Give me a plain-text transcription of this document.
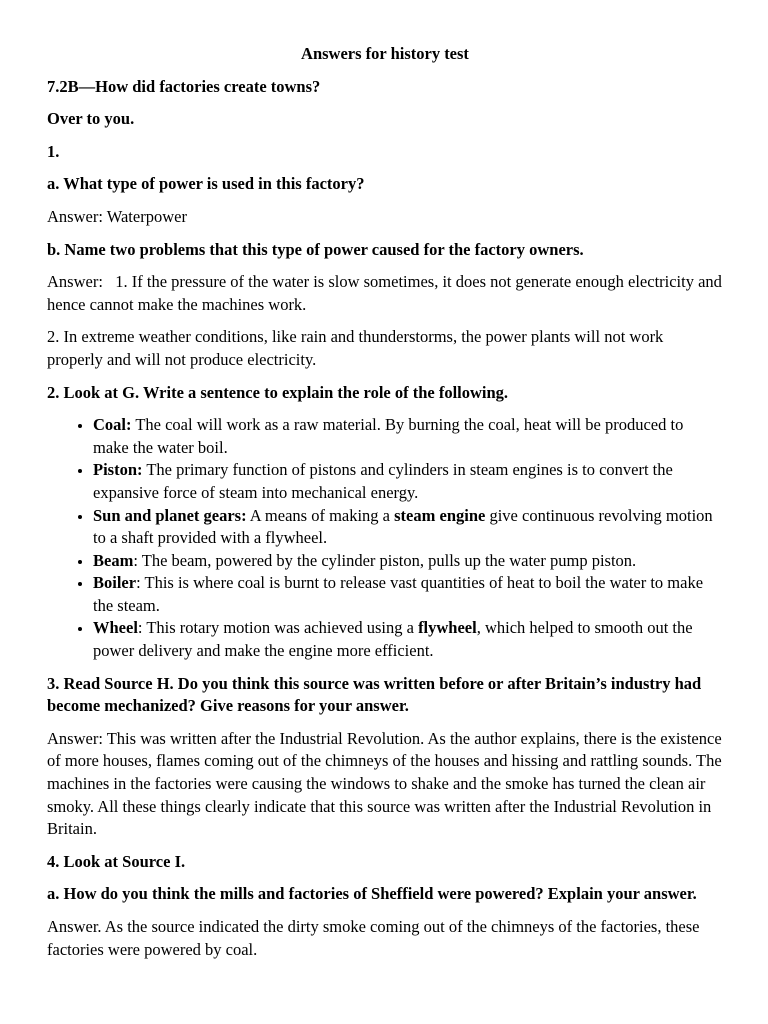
Answers for history test

7.2B—How did factories create towns?

Over to you.

1.

a. What type of power is used in this factory?

Answer: Waterpower

b. Name two problems that this type of power caused for the factory owners.

Answer:   1. If the pressure of the water is slow sometimes, it does not generate enough electricity and hence cannot make the machines work.

2. In extreme weather conditions, like rain and thunderstorms, the power plants will not work properly and will not produce electricity.

2. Look at G. Write a sentence to explain the role of the following.

• Coal: The coal will work as a raw material. By burning the coal, heat will be produced to make the water boil.
• Piston: The primary function of pistons and cylinders in steam engines is to convert the expansive force of steam into mechanical energy.
• Sun and planet gears: A means of making a steam engine give continuous revolving motion to a shaft provided with a flywheel.
• Beam: The beam, powered by the cylinder piston, pulls up the water pump piston.
• Boiler: This is where coal is burnt to release vast quantities of heat to boil the water to make the steam.
• Wheel: This rotary motion was achieved using a flywheel, which helped to smooth out the power delivery and make the engine more efficient.

3. Read Source H. Do you think this source was written before or after Britain’s industry had become mechanized? Give reasons for your answer.

Answer: This was written after the Industrial Revolution. As the author explains, there is the existence of more houses, flames coming out of the chimneys of the houses and hissing and rattling sounds. The machines in the factories were causing the windows to shake and the smoke has turned the clean air smoky. All these things clearly indicate that this source was written after the Industrial Revolution in Britain.

4. Look at Source I.

a. How do you think the mills and factories of Sheffield were powered? Explain your answer.

Answer. As the source indicated the dirty smoke coming out of the chimneys of the factories, these factories were powered by coal.
